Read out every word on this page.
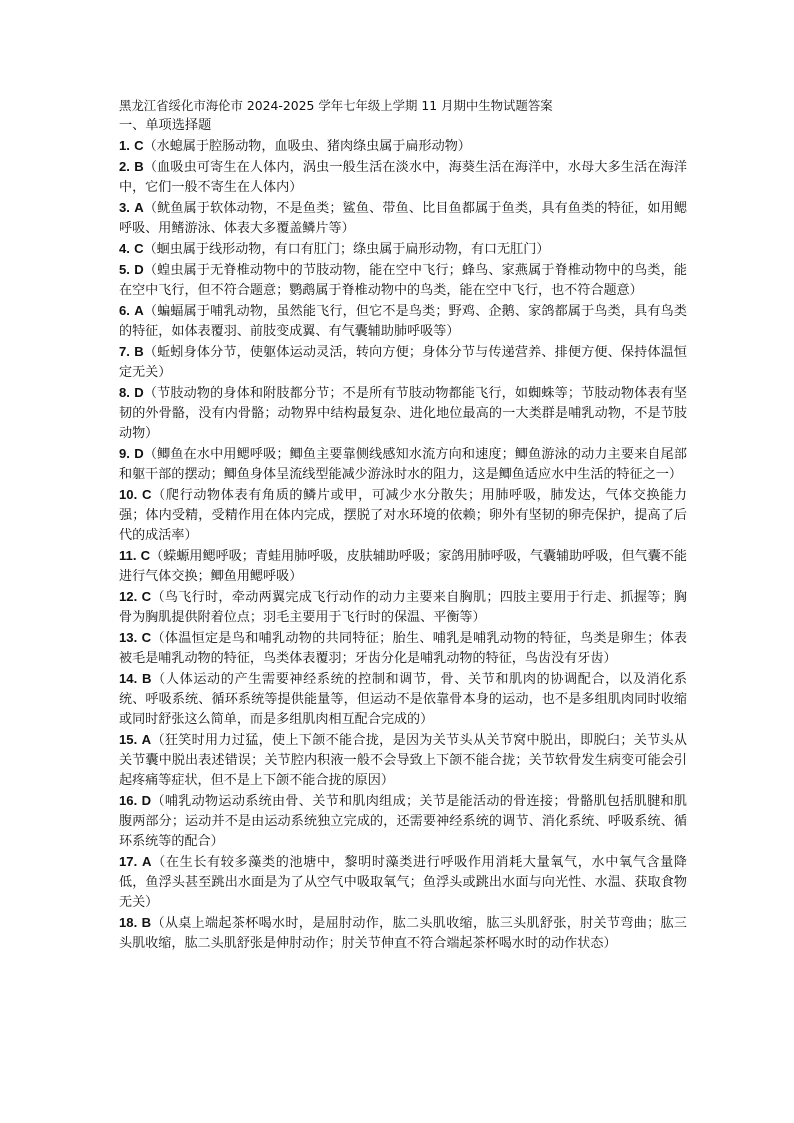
黑龙江省绥化市海伦市 2024-2025 学年七年级上学期 11 月期中生物试题答案

一、单项选择题

1. C（水螅属于腔肠动物，血吸虫、猪肉绦虫属于扁形动物）
2. B（血吸虫可寄生在人体内，涡虫一般生活在淡水中，海葵生活在海洋中，水母大多生活在海洋中，它们一般不寄生在人体内）
3. A（鱿鱼属于软体动物，不是鱼类；鲨鱼、带鱼、比目鱼都属于鱼类，具有鱼类的特征，如用鳃呼吸、用鳍游泳、体表大多覆盖鳞片等）
4. C（蛔虫属于线形动物，有口有肛门；绦虫属于扁形动物，有口无肛门）
5. D（蝗虫属于无脊椎动物中的节肢动物，能在空中飞行；蜂鸟、家燕属于脊椎动物中的鸟类，能在空中飞行，但不符合题意；鹦鹉属于脊椎动物中的鸟类，能在空中飞行，也不符合题意）
6. A（蝙蝠属于哺乳动物，虽然能飞行，但它不是鸟类；野鸡、企鹅、家鸽都属于鸟类，具有鸟类的特征，如体表覆羽、前肢变成翼、有气囊辅助肺呼吸等）
7. B（蚯蚓身体分节，使躯体运动灵活，转向方便；身体分节与传递营养、排便方便、保持体温恒定无关）
8. D（节肢动物的身体和附肢都分节；不是所有节肢动物都能飞行，如蜘蛛等；节肢动物体表有坚韧的外骨骼，没有内骨骼；动物界中结构最复杂、进化地位最高的一大类群是哺乳动物，不是节肢动物）
9. D（鲫鱼在水中用鳃呼吸；鲫鱼主要靠侧线感知水流方向和速度；鲫鱼游泳的动力主要来自尾部和躯干部的摆动；鲫鱼身体呈流线型能减少游泳时水的阻力，这是鲫鱼适应水中生活的特征之一）
10. C（爬行动物体表有角质的鳞片或甲，可减少水分散失；用肺呼吸，肺发达，气体交换能力强；体内受精，受精作用在体内完成，摆脱了对水环境的依赖；卵外有坚韧的卵壳保护，提高了后代的成活率）
11. C（蝾螈用鳃呼吸；青蛙用肺呼吸，皮肤辅助呼吸；家鸽用肺呼吸，气囊辅助呼吸，但气囊不能进行气体交换；鲫鱼用鳃呼吸）
12. C（鸟飞行时，牵动两翼完成飞行动作的动力主要来自胸肌；四肢主要用于行走、抓握等；胸骨为胸肌提供附着位点；羽毛主要用于飞行时的保温、平衡等）
13. C（体温恒定是鸟和哺乳动物的共同特征；胎生、哺乳是哺乳动物的特征，鸟类是卵生；体表被毛是哺乳动物的特征，鸟类体表覆羽；牙齿分化是哺乳动物的特征，鸟齿没有牙齿）
14. B（人体运动的产生需要神经系统的控制和调节，骨、关节和肌肉的协调配合，以及消化系统、呼吸系统、循环系统等提供能量等，但运动不是依靠骨本身的运动，也不是多组肌肉同时收缩或同时舒张这么简单，而是多组肌肉相互配合完成的）
15. A（狂笑时用力过猛，使上下颌不能合拢，是因为关节头从关节窝中脱出，即脱臼；关节头从关节囊中脱出表述错误；关节腔内积液一般不会导致上下颌不能合拢；关节软骨发生病变可能会引起疼痛等症状，但不是上下颌不能合拢的原因）
16. D（哺乳动物运动系统由骨、关节和肌肉组成；关节是能活动的骨连接；骨骼肌包括肌腱和肌腹两部分；运动并不是由运动系统独立完成的，还需要神经系统的调节、消化系统、呼吸系统、循环系统等的配合）
17. A（在生长有较多藻类的池塘中，黎明时藻类进行呼吸作用消耗大量氧气，水中氧气含量降低，鱼浮头甚至跳出水面是为了从空气中吸取氧气；鱼浮头或跳出水面与向光性、水温、获取食物无关）
18. B（从桌上端起茶杯喝水时，是屈肘动作，肱二头肌收缩，肱三头肌舒张，肘关节弯曲；肱三头肌收缩，肱二头肌舒张是伸肘动作；肘关节伸直不符合端起茶杯喝水时的动作状态）
